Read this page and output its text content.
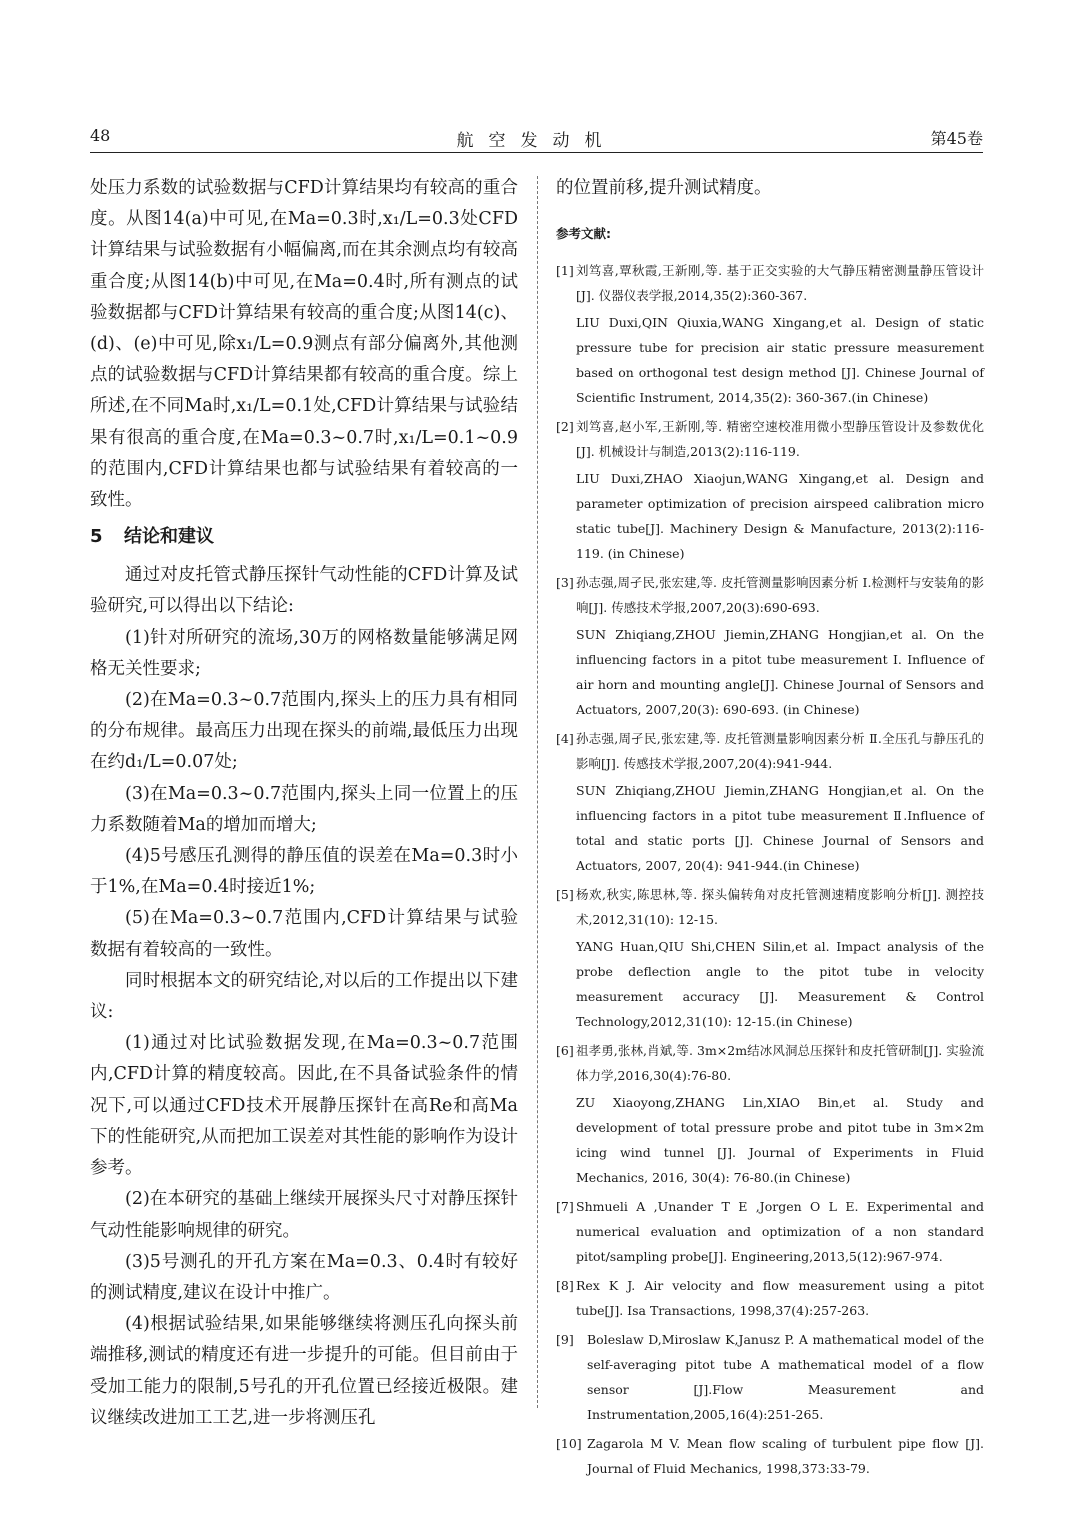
48	航空发动机	第45卷

处压力系数的试验数据与CFD计算结果均有较高的重合度。从图14(a)中可见,在Ma=0.3时,x₁/L=0.3处CFD计算结果与试验数据有小幅偏离,而在其余测点均有较高重合度;从图14(b)中可见,在Ma=0.4时,所有测点的试验数据都与CFD计算结果有较高的重合度;从图14(c)、(d)、(e)中可见,除x₁/L=0.9测点有部分偏离外,其他测点的试验数据与CFD计算结果都有较高的重合度。综上所述,在不同Ma时,x₁/L=0.1处,CFD计算结果与试验结果有很高的重合度,在Ma=0.3~0.7时,x₁/L=0.1~0.9的范围内,CFD计算结果也都与试验结果有着较高的一致性。

5 结论和建议

通过对皮托管式静压探针气动性能的CFD计算及试验研究,可以得出以下结论:

(1)针对所研究的流场,30万的网格数量能够满足网格无关性要求;

(2)在Ma=0.3~0.7范围内,探头上的压力具有相同的分布规律。最高压力出现在探头的前端,最低压力出现在约d₁/L=0.07处;

(3)在Ma=0.3~0.7范围内,探头上同一位置上的压力系数随着Ma的增加而增大;

(4)5号感压孔测得的静压值的误差在Ma=0.3时小于1%,在Ma=0.4时接近1%;

(5)在Ma=0.3~0.7范围内,CFD计算结果与试验数据有着较高的一致性。

同时根据本文的研究结论,对以后的工作提出以下建议:

(1)通过对比试验数据发现,在Ma=0.3~0.7范围内,CFD计算的精度较高。因此,在不具备试验条件的情况下,可以通过CFD技术开展静压探针在高Re和高Ma下的性能研究,从而把加工误差对其性能的影响作为设计参考。

(2)在本研究的基础上继续开展探头尺寸对静压探针气动性能影响规律的研究。

(3)5号测孔的开孔方案在Ma=0.3、0.4时有较好的测试精度,建议在设计中推广。

(4)根据试验结果,如果能够继续将测压孔向探头前端推移,测试的精度还有进一步提升的可能。但目前由于受加工能力的限制,5号孔的开孔位置已经接近极限。建议继续改进加工工艺,进一步将测压孔

的位置前移,提升测试精度。

参考文献:
[1] 刘笃喜,覃秋霞,王新刚,等. 基于正交实验的大气静压精密测量静压管设计[J]. 仪器仪表学报,2014,35(2):360-367.
LIU Duxi,QIN Qiuxia,WANG Xingang,et al. Design of static pressure tube for precision air static pressure measurement based on orthogonal test design method [J]. Chinese Journal of Scientific Instrument, 2014,35(2): 360-367.(in Chinese)
[2] 刘笃喜,赵小军,王新刚,等. 精密空速校准用微小型静压管设计及参数优化[J]. 机械设计与制造,2013(2):116-119.
LIU Duxi,ZHAO Xiaojun,WANG Xingang,et al. Design and parameter optimization of precision airspeed calibration micro static tube[J]. Machinery Design & Manufacture, 2013(2):116-119. (in Chinese)
[3] 孙志强,周孑民,张宏建,等. 皮托管测量影响因素分析 I.检测杆与安装角的影响[J]. 传感技术学报,2007,20(3):690-693.
SUN Zhiqiang,ZHOU Jiemin,ZHANG Hongjian,et al. On the influencing factors in a pitot tube measurement I. Influence of air horn and mounting angle[J]. Chinese Journal of Sensors and Actuators, 2007,20(3): 690-693. (in Chinese)
[4] 孙志强,周孑民,张宏建,等. 皮托管测量影响因素分析 Ⅱ.全压孔与静压孔的影响[J]. 传感技术学报,2007,20(4):941-944.
SUN Zhiqiang,ZHOU Jiemin,ZHANG Hongjian,et al. On the influencing factors in a pitot tube measurement Ⅱ.Influence of total and static ports [J]. Chinese Journal of Sensors and Actuators, 2007, 20(4): 941-944.(in Chinese)
[5] 杨欢,秋实,陈思林,等. 探头偏转角对皮托管测速精度影响分析[J]. 测控技术,2012,31(10): 12-15.
YANG Huan,QIU Shi,CHEN Silin,et al. Impact analysis of the probe deflection angle to the pitot tube in velocity measurement accuracy [J]. Measurement & Control Technology,2012,31(10): 12-15.(in Chinese)
[6] 祖孝勇,张林,肖斌,等. 3m×2m结冰风洞总压探针和皮托管研制[J]. 实验流体力学,2016,30(4):76-80.
ZU Xiaoyong,ZHANG Lin,XIAO Bin,et al. Study and development of total pressure probe and pitot tube in 3m×2m icing wind tunnel [J]. Journal of Experiments in Fluid Mechanics, 2016, 30(4): 76-80.(in Chinese)
[7] Shmueli A ,Unander T E ,Jorgen O L E. Experimental and numerical evaluation and optimization of a non standard pitot/sampling probe[J]. Engineering,2013,5(12):967-974.
[8] Rex K J. Air velocity and flow measurement using a pitot tube[J]. Isa Transactions, 1998,37(4):257-263.
[9] Boleslaw D,Miroslaw K,Janusz P. A mathematical model of the self-averaging pitot tube A mathematical model of a flow sensor [J].Flow Measurement and Instrumentation,2005,16(4):251-265.
[10] Zagarola M V. Mean flow scaling of turbulent pipe flow [J]. Journal of Fluid Mechanics, 1998,373:33-79.
